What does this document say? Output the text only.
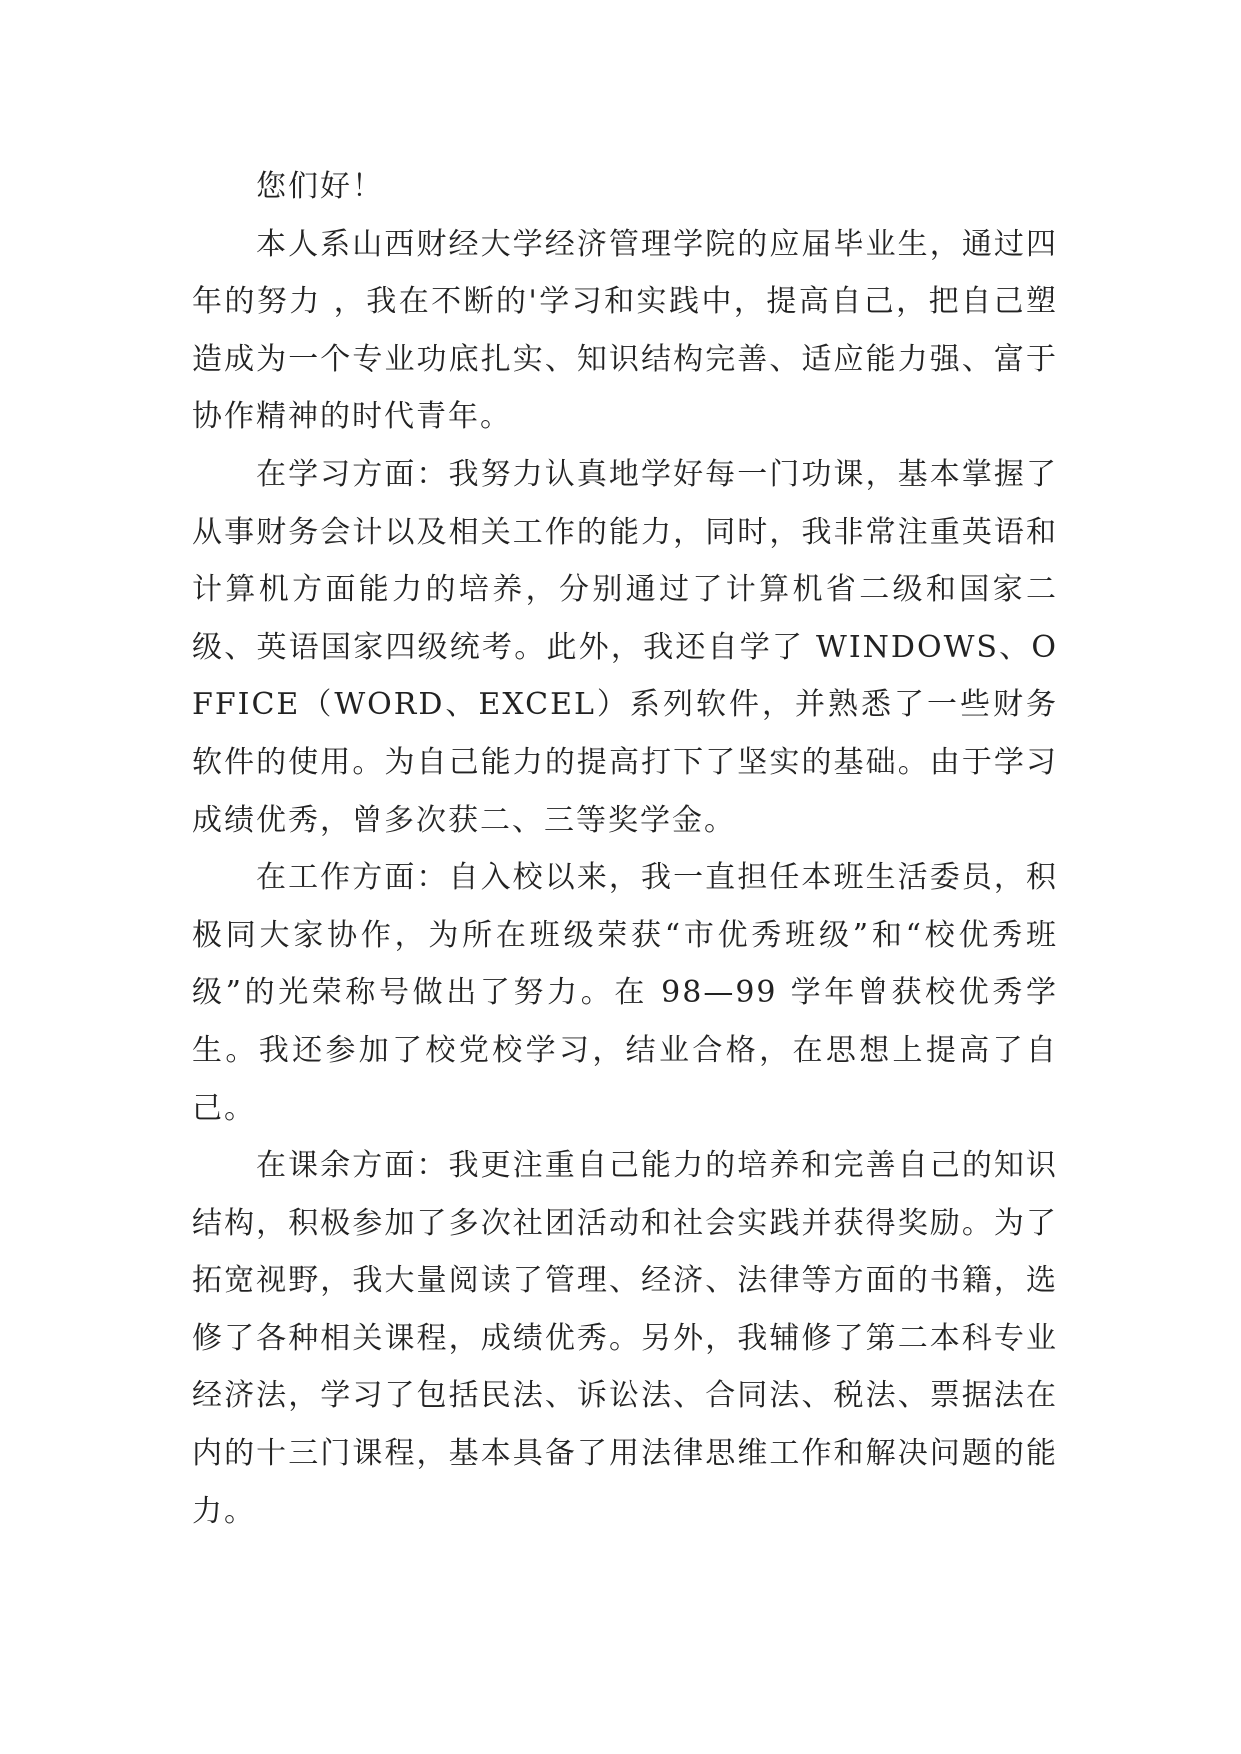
您们好！

本人系山西财经大学经济管理学院的应届毕业生，通过四年的努力 ，我在不断的'学习和实践中，提高自己，把自己塑造成为一个专业功底扎实、知识结构完善、适应能力强、富于协作精神的时代青年。

在学习方面：我努力认真地学好每一门功课，基本掌握了从事财务会计以及相关工作的能力，同时，我非常注重英语和计算机方面能力的培养，分别通过了计算机省二级和国家二级、英语国家四级统考。此外，我还自学了 WINDOWS、OFFICE（WORD、EXCEL）系列软件，并熟悉了一些财务软件的使用。为自己能力的提高打下了坚实的基础。由于学习成绩优秀，曾多次获二、三等奖学金。

在工作方面：自入校以来，我一直担任本班生活委员，积极同大家协作，为所在班级荣获“市优秀班级”和“校优秀班级”的光荣称号做出了努力。在 98—99 学年曾获校优秀学生。我还参加了校党校学习，结业合格，在思想上提高了自己。

在课余方面：我更注重自己能力的培养和完善自己的知识结构，积极参加了多次社团活动和社会实践并获得奖励。为了拓宽视野，我大量阅读了管理、经济、法律等方面的书籍，选修了各种相关课程，成绩优秀。另外，我辅修了第二本科专业经济法，学习了包括民法、诉讼法、合同法、税法、票据法在内的十三门课程，基本具备了用法律思维工作和解决问题的能力。
